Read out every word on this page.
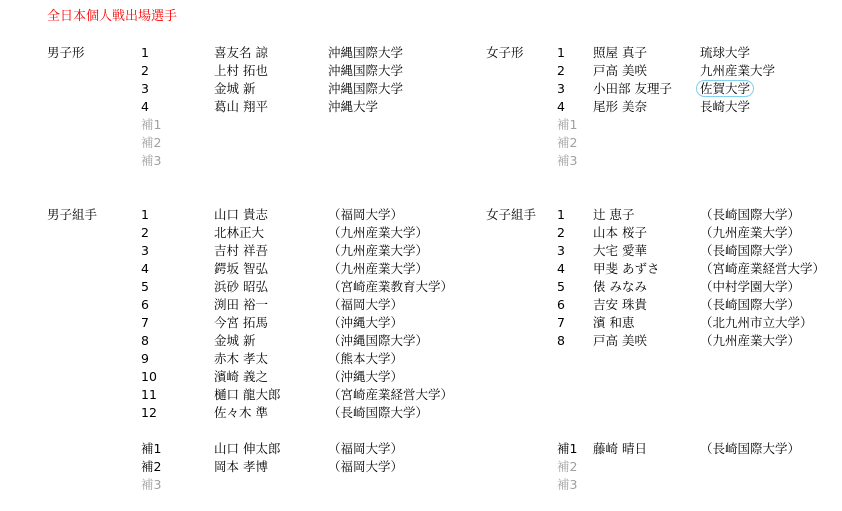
全日本個人戦出場選手
男子形	1	喜友名 諒	沖縄国際大学
2	上村 拓也	沖縄国際大学
3	金城 新	沖縄国際大学
4	葛山 翔平	沖縄大学
補1
補2
補3
女子形	1 照屋 真子	琉球大学
2 戸高 美咲	九州産業大学
3 小田部 友理子 佐賀大学
4 尾形 美奈	長崎大学
補1
補2
補3
男子組手	1	山口 貴志	（福岡大学）
2	北林正大	（九州産業大学）
3	吉村 祥吾	（九州産業大学）
4	鍔坂 智弘	（九州産業大学）
5	浜砂 昭弘	（宮崎産業教育大学）
6	渕田 裕一	（福岡大学）
7	今宮 拓馬	（沖縄大学）
8	金城 新	（沖縄国際大学）
9	赤木 孝太	（熊本大学）
10	濱崎 義之	（沖縄大学）
11	樋口 龍大郎	（宮崎産業経営大学）
12	佐々木 準	（長崎国際大学）
補1	山口 伸太郎	（福岡大学）
補2	岡本 孝博	（福岡大学）
補3
女子組手 1 辻 恵子	（長崎国際大学）
2 山本 桜子	（九州産業大学）
3 大宅 愛華	（長崎国際大学）
4 甲斐 あずさ	（宮崎産業経営大学）
5 俵 みなみ	（中村学園大学）
6 吉安 珠貴	（長崎国際大学）
7 濱 和恵	（北九州市立大学）
8 戸高 美咲	（九州産業大学）
補1 藤崎 晴日	（長崎国際大学）
補2
補3
